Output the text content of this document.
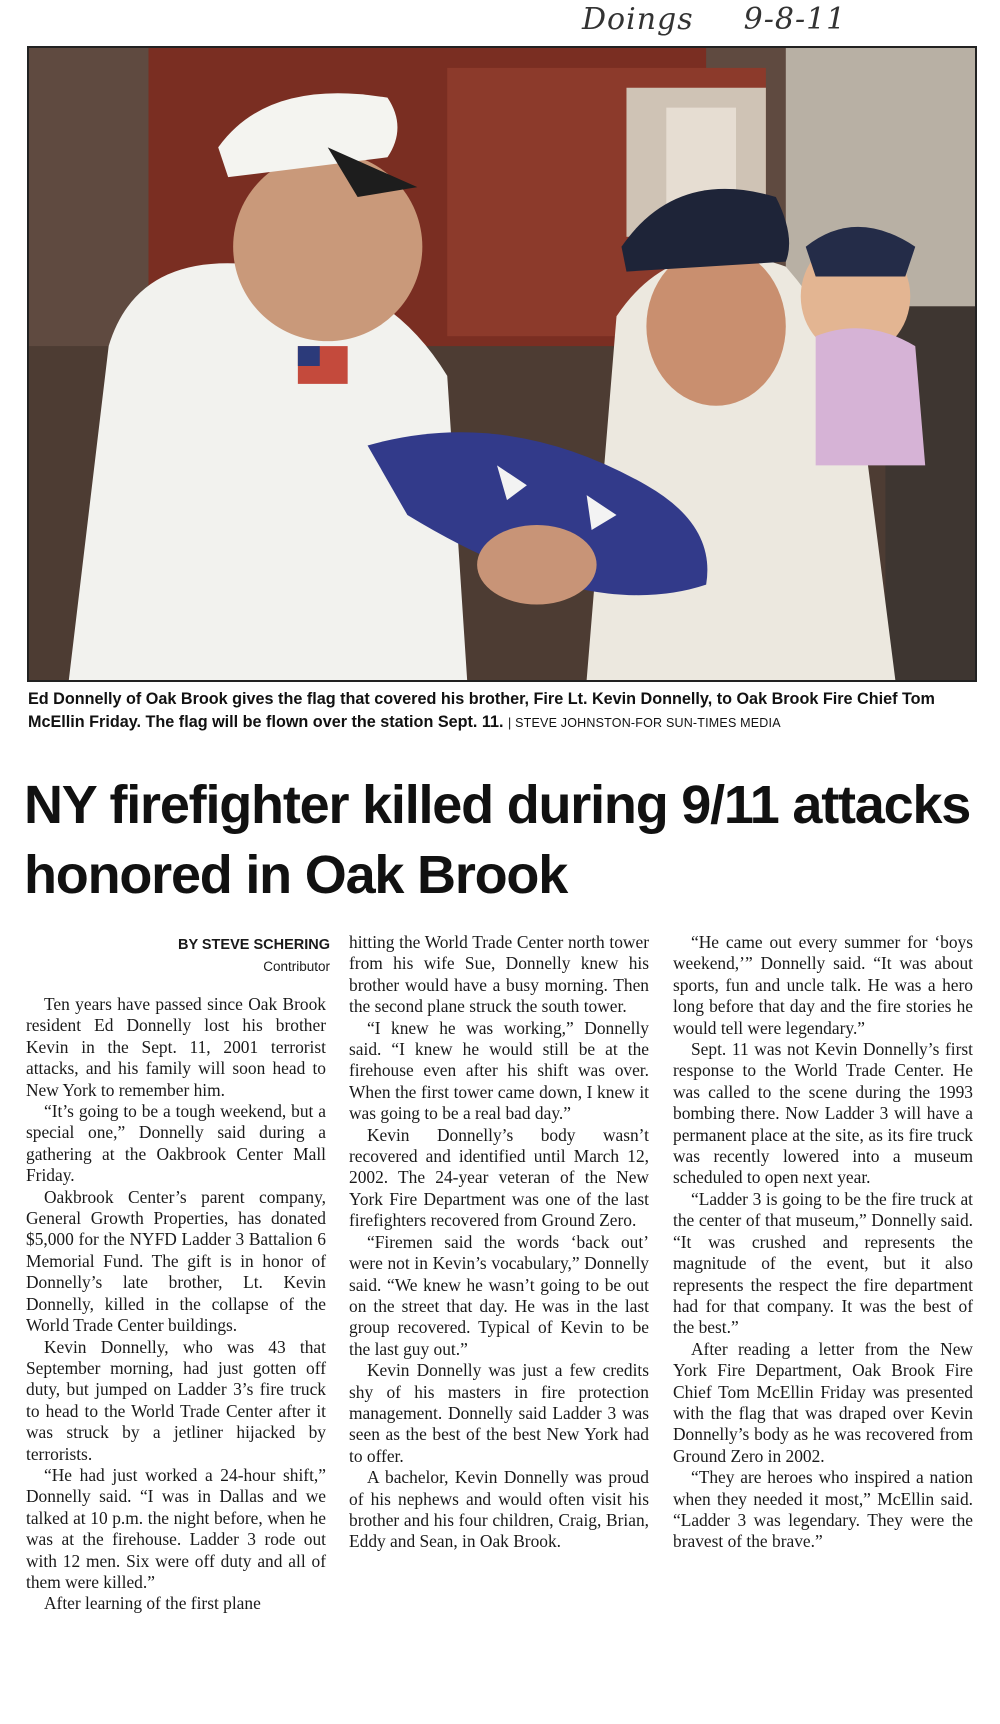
Doings 9-8-11
Ed Donnelly of Oak Brook gives the flag that covered his brother, Fire Lt. Kevin Donnelly, to Oak Brook Fire Chief Tom McEllin Friday. The flag will be flown over the station Sept. 11. | STEVE JOHNSTON-FOR SUN-TIMES MEDIA
NY firefighter killed during 9/11 attacks honored in Oak Brook
BY STEVE SCHERING
Contributor

Ten years have passed since Oak Brook resident Ed Donnelly lost his brother Kevin in the Sept. 11, 2001 terrorist attacks, and his family will soon head to New York to remember him.

“It’s going to be a tough weekend, but a special one,” Donnelly said during a gathering at the Oakbrook Center Mall Friday.

Oakbrook Center’s parent company, General Growth Properties, has donated $5,000 for the NYFD Ladder 3 Battalion 6 Memorial Fund. The gift is in honor of Donnelly’s late brother, Lt. Kevin Donnelly, killed in the collapse of the World Trade Center buildings.

Kevin Donnelly, who was 43 that September morning, had just gotten off duty, but jumped on Ladder 3’s fire truck to head to the World Trade Center after it was struck by a jetliner hijacked by terrorists.

“He had just worked a 24-hour shift,” Donnelly said. “I was in Dallas and we talked at 10 p.m. the night before, when he was at the firehouse. Ladder 3 rode out with 12 men. Six were off duty and all of them were killed.”

After learning of the first plane

hitting the World Trade Center north tower from his wife Sue, Donnelly knew his brother would have a busy morning. Then the second plane struck the south tower.

“I knew he was working,” Donnelly said. “I knew he would still be at the firehouse even after his shift was over. When the first tower came down, I knew it was going to be a real bad day.”

Kevin Donnelly’s body wasn’t recovered and identified until March 12, 2002. The 24-year veteran of the New York Fire Department was one of the last firefighters recovered from Ground Zero.

“Firemen said the words ‘back out’ were not in Kevin’s vocabulary,” Donnelly said. “We knew he wasn’t going to be out on the street that day. He was in the last group recovered. Typical of Kevin to be the last guy out.”

Kevin Donnelly was just a few credits shy of his masters in fire protection management. Donnelly said Ladder 3 was seen as the best of the best New York had to offer.

A bachelor, Kevin Donnelly was proud of his nephews and would often visit his brother and his four children, Craig, Brian, Eddy and Sean, in Oak Brook.

“He came out every summer for ‘boys weekend,’” Donnelly said. “It was about sports, fun and uncle talk. He was a hero long before that day and the fire stories he would tell were legendary.”

Sept. 11 was not Kevin Donnelly’s first response to the World Trade Center. He was called to the scene during the 1993 bombing there. Now Ladder 3 will have a permanent place at the site, as its fire truck was recently lowered into a museum scheduled to open next year.

“Ladder 3 is going to be the fire truck at the center of that museum,” Donnelly said. “It was crushed and represents the magnitude of the event, but it also represents the respect the fire department had for that company. It was the best of the best.”

After reading a letter from the New York Fire Department, Oak Brook Fire Chief Tom McEllin Friday was presented with the flag that was draped over Kevin Donnelly’s body as he was recovered from Ground Zero in 2002.

“They are heroes who inspired a nation when they needed it most,” McEllin said. “Ladder 3 was legendary. They were the bravest of the brave.”
